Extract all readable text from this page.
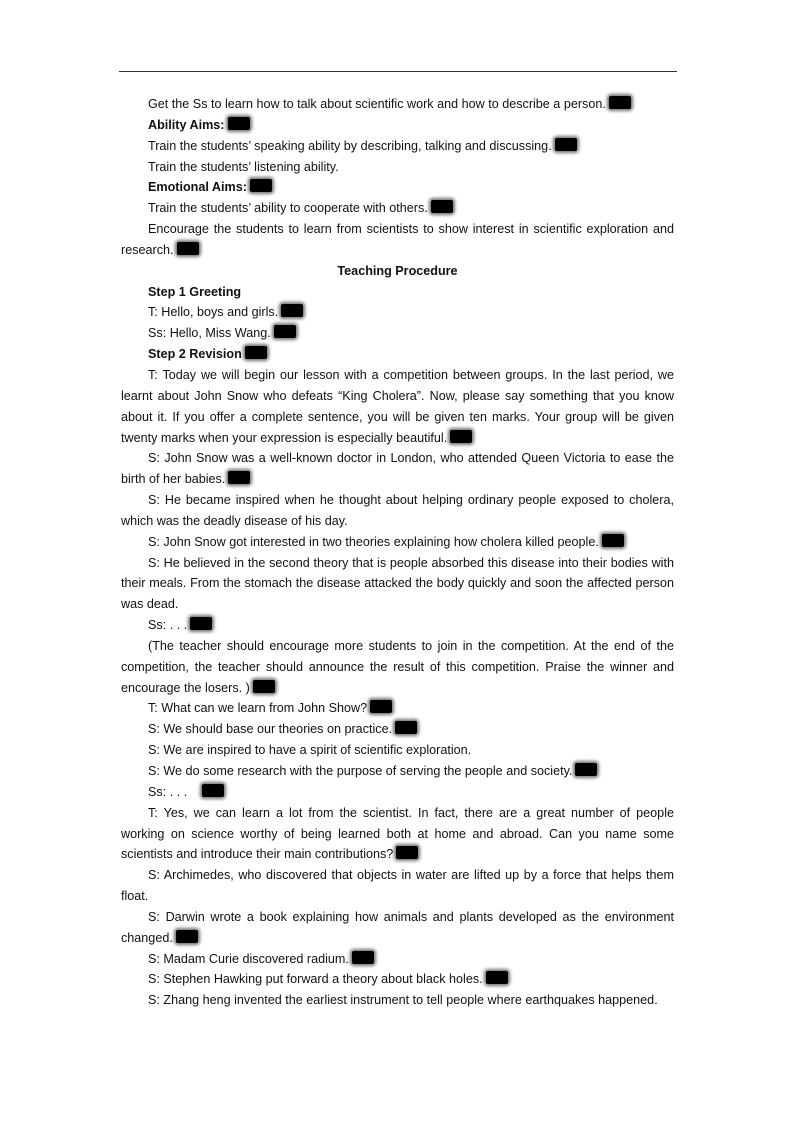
Get the Ss to learn how to talk about scientific work and how to describe a person.

Ability Aims:

Train the students’ speaking ability by describing, talking and discussing.

Train the students’ listening ability.

Emotional Aims:

Train the students’ ability to cooperate with others.

Encourage the students to learn from scientists to show interest in scientific exploration and research.

Teaching Procedure

Step 1 Greeting

T: Hello, boys and girls.

Ss: Hello, Miss Wang.

Step 2 Revision

T: Today we will begin our lesson with a competition between groups. In the last period, we learnt about John Snow who defeats “King Cholera”. Now, please say something that you know about it. If you offer a complete sentence, you will be given ten marks. Your group will be given twenty marks when your expression is especially beautiful.

S: John Snow was a well-known doctor in London, who attended Queen Victoria to ease the birth of her babies.

S: He became inspired when he thought about helping ordinary people exposed to cholera, which was the deadly disease of his day.

S: John Snow got interested in two theories explaining how cholera killed people.

S: He believed in the second theory that is people absorbed this disease into their bodies with their meals. From the stomach the disease attacked the body quickly and soon the affected person was dead.

Ss: . . .

(The teacher should encourage more students to join in the competition. At the end of the competition, the teacher should announce the result of this competition. Praise the winner and encourage the losers. )

T: What can we learn from John Show?

S: We should base our theories on practice.

S: We are inspired to have a spirit of scientific exploration.

S: We do some research with the purpose of serving the people and society.

Ss: . . .

T: Yes, we can learn a lot from the scientist. In fact, there are a great number of people working on science worthy of being learned both at home and abroad. Can you name some scientists and introduce their main contributions?

S: Archimedes, who discovered that objects in water are lifted up by a force that helps them float.

S: Darwin wrote a book explaining how animals and plants developed as the environment changed.

S: Madam Curie discovered radium.

S: Stephen Hawking put forward a theory about black holes.

S: Zhang heng invented the earliest instrument to tell people where earthquakes happened.
